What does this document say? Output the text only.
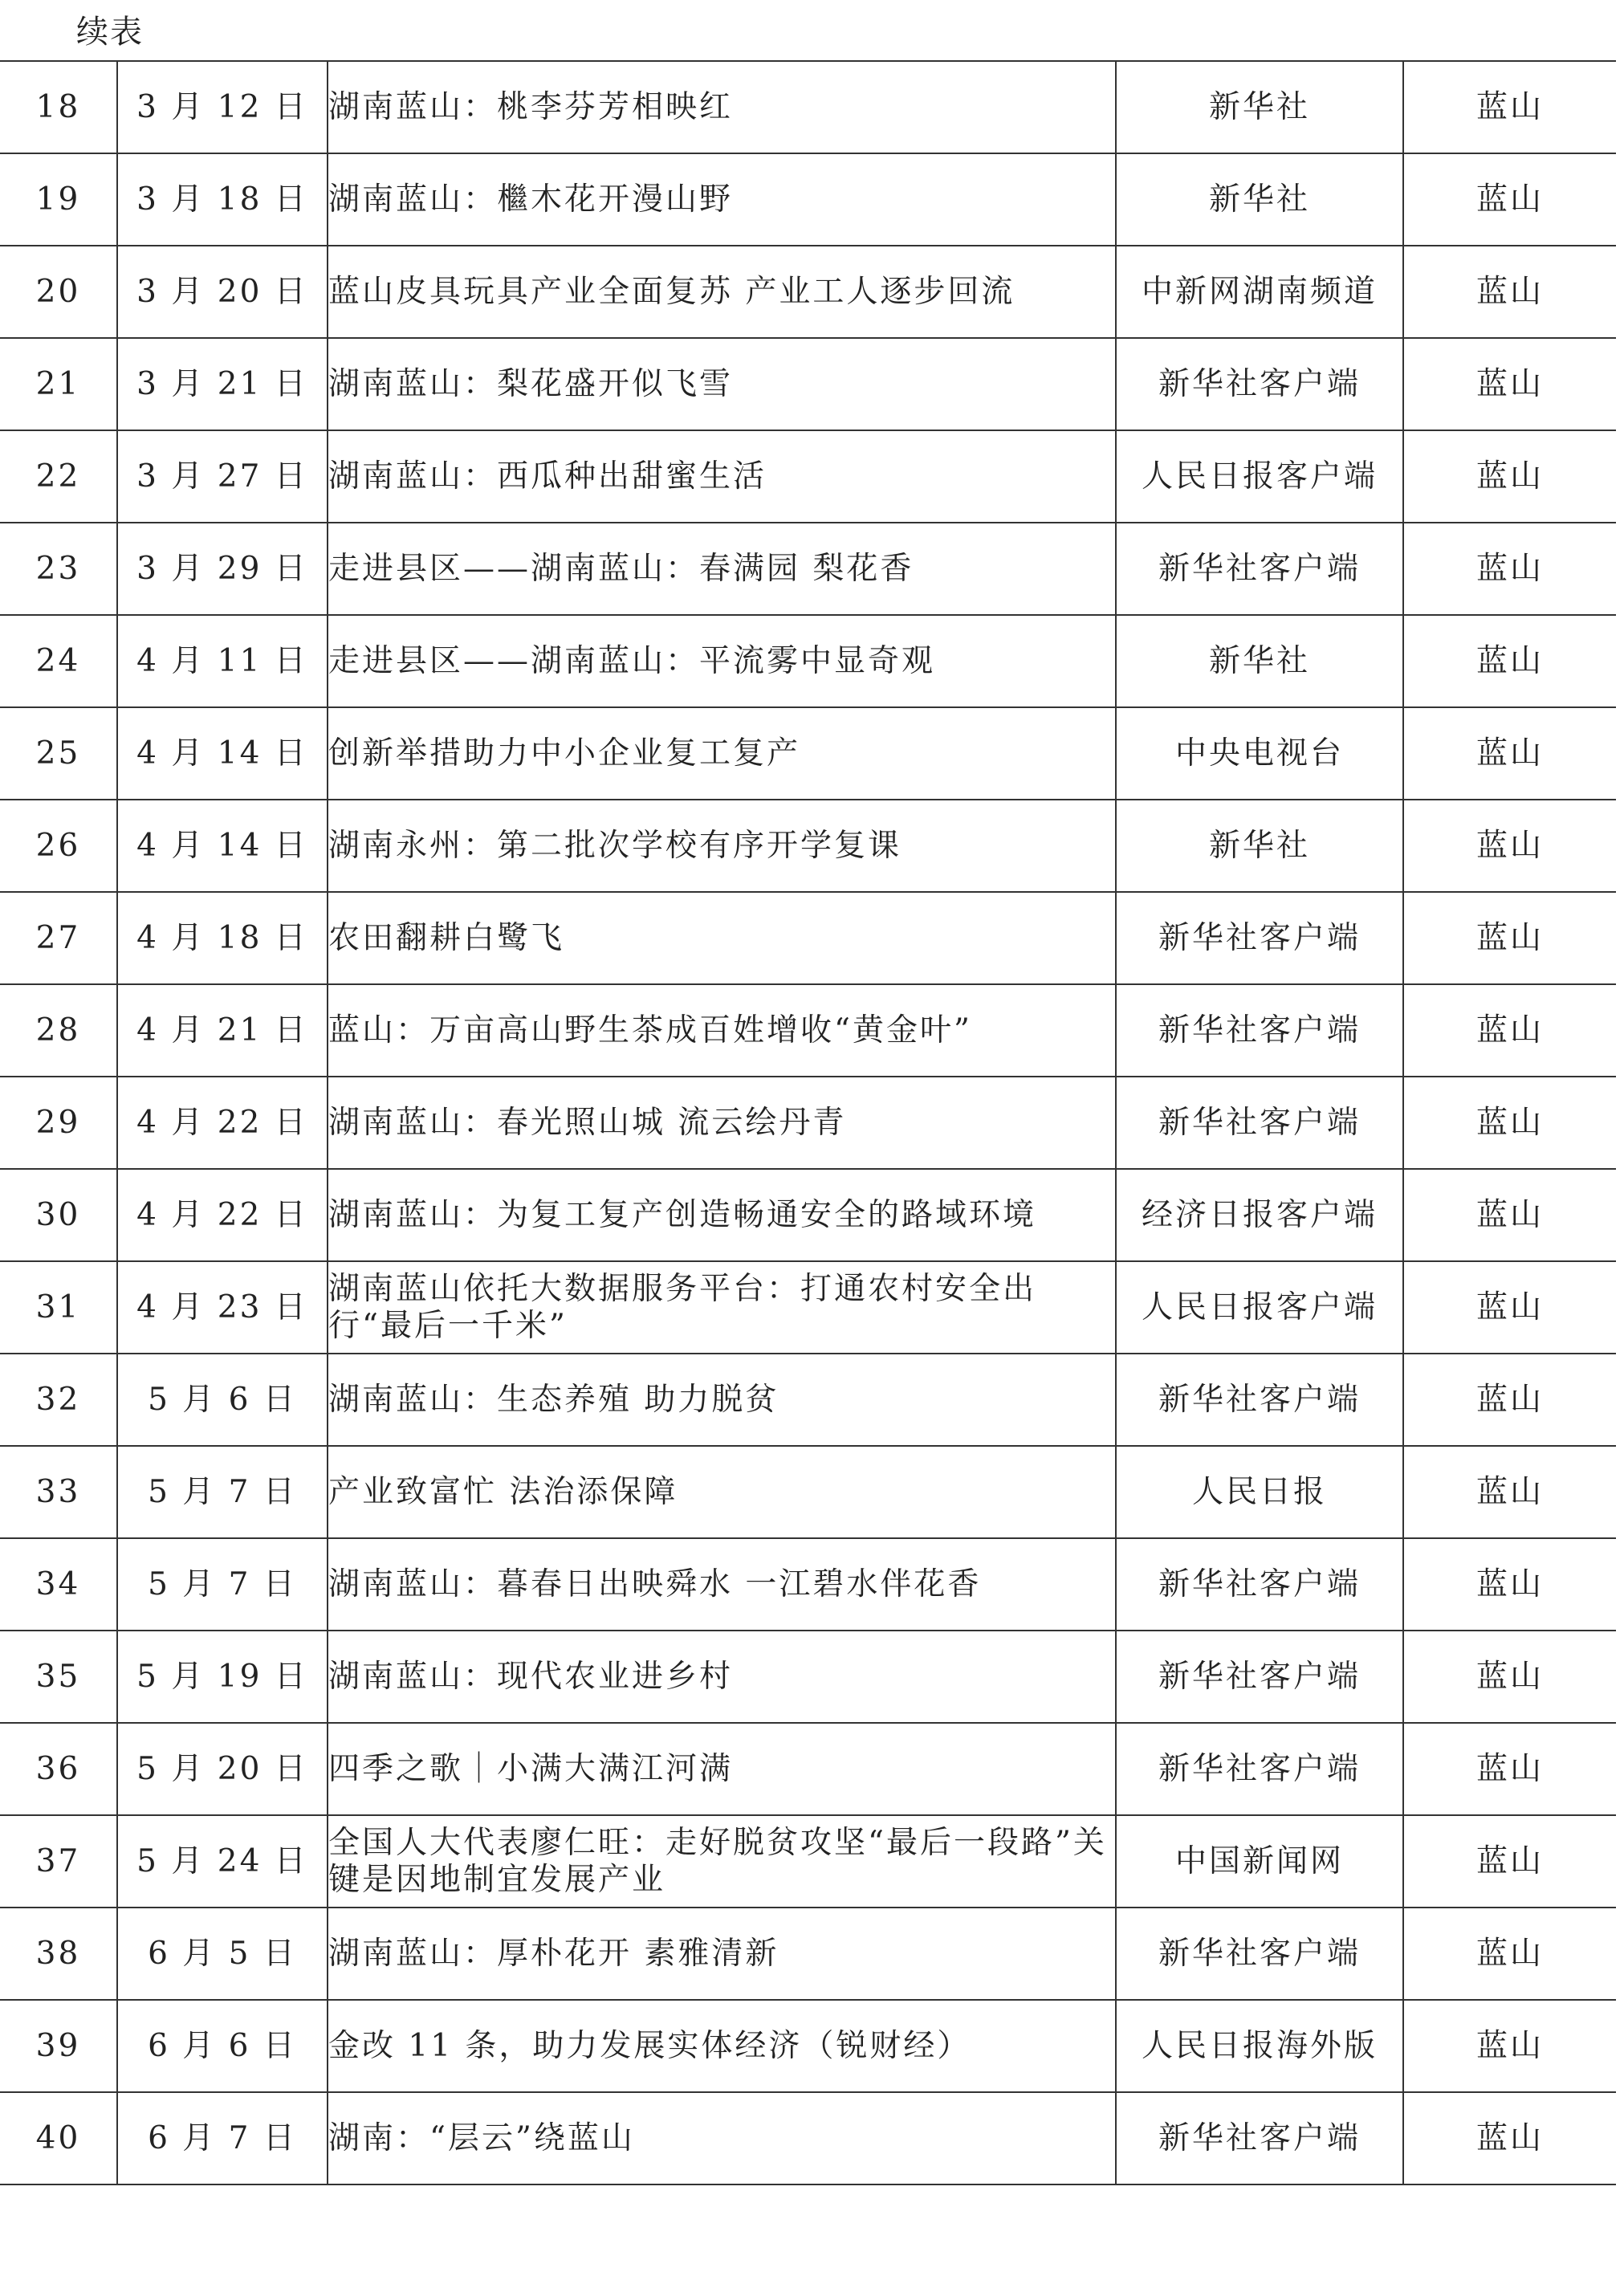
续表
18	3 月 12 日	湖南蓝山：桃李芬芳相映红	新华社	蓝山
19	3 月 18 日	湖南蓝山：檵木花开漫山野	新华社	蓝山
20	3 月 20 日	蓝山皮具玩具产业全面复苏 产业工人逐步回流	中新网湖南频道	蓝山
21	3 月 21 日	湖南蓝山：梨花盛开似飞雪	新华社客户端	蓝山
22	3 月 27 日	湖南蓝山：西瓜种出甜蜜生活	人民日报客户端	蓝山
23	3 月 29 日	走进县区——湖南蓝山：春满园 梨花香	新华社客户端	蓝山
24	4 月 11 日	走进县区——湖南蓝山：平流雾中显奇观	新华社	蓝山
25	4 月 14 日	创新举措助力中小企业复工复产	中央电视台	蓝山
26	4 月 14 日	湖南永州：第二批次学校有序开学复课	新华社	蓝山
27	4 月 18 日	农田翻耕白鹭飞	新华社客户端	蓝山
28	4 月 21 日	蓝山：万亩高山野生茶成百姓增收“黄金叶”	新华社客户端	蓝山
29	4 月 22 日	湖南蓝山：春光照山城 流云绘丹青	新华社客户端	蓝山
30	4 月 22 日	湖南蓝山：为复工复产创造畅通安全的路域环境	经济日报客户端	蓝山
31	4 月 23 日	湖南蓝山依托大数据服务平台：打通农村安全出行“最后一千米”	人民日报客户端	蓝山
32	5 月 6 日	湖南蓝山：生态养殖 助力脱贫	新华社客户端	蓝山
33	5 月 7 日	产业致富忙 法治添保障	人民日报	蓝山
34	5 月 7 日	湖南蓝山：暮春日出映舜水 一江碧水伴花香	新华社客户端	蓝山
35	5 月 19 日	湖南蓝山：现代农业进乡村	新华社客户端	蓝山
36	5 月 20 日	四季之歌｜小满大满江河满	新华社客户端	蓝山
37	5 月 24 日	全国人大代表廖仁旺：走好脱贫攻坚“最后一段路”关键是因地制宜发展产业	中国新闻网	蓝山
38	6 月 5 日	湖南蓝山：厚朴花开 素雅清新	新华社客户端	蓝山
39	6 月 6 日	金改 11 条，助力发展实体经济（锐财经）	人民日报海外版	蓝山
40	6 月 7 日	湖南：“层云”绕蓝山	新华社客户端	蓝山
